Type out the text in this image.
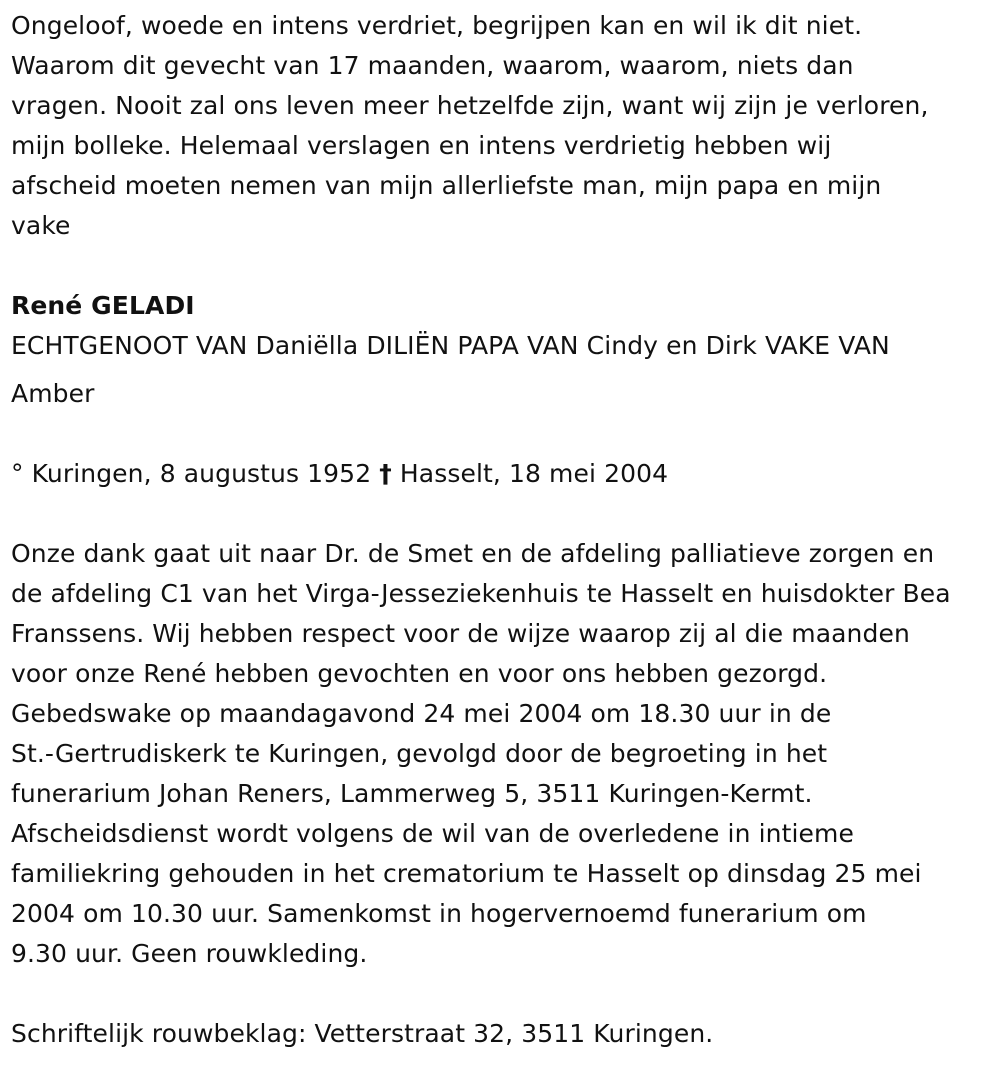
Ongeloof, woede en intens verdriet, begrijpen kan en wil ik dit niet.
Waarom dit gevecht van 17 maanden, waarom, waarom, niets dan
vragen. Nooit zal ons leven meer hetzelfde zijn, want wij zijn je verloren,
mijn bolleke. Helemaal verslagen en intens verdrietig hebben wij
afscheid moeten nemen van mijn allerliefste man, mijn papa en mijn
vake

René GELADI

ECHTGENOOT VAN Daniëlla DILIËN PAPA VAN Cindy en Dirk VAKE VAN
Amber

° Kuringen, 8 augustus 1952 † Hasselt, 18 mei 2004

Onze dank gaat uit naar Dr. de Smet en de afdeling palliatieve zorgen en
de afdeling C1 van het Virga-Jesseziekenhuis te Hasselt en huisdokter Bea
Franssens. Wij hebben respect voor de wijze waarop zij al die maanden
voor onze René hebben gevochten en voor ons hebben gezorgd.
Gebedswake op maandagavond 24 mei 2004 om 18.30 uur in de
St.-Gertrudiskerk te Kuringen, gevolgd door de begroeting in het
funerarium Johan Reners, Lammerweg 5, 3511 Kuringen-Kermt.
Afscheidsdienst wordt volgens de wil van de overledene in intieme
familiekring gehouden in het crematorium te Hasselt op dinsdag 25 mei
2004 om 10.30 uur. Samenkomst in hogervernoemd funerarium om
9.30 uur. Geen rouwkleding.

Schriftelijk rouwbeklag: Vetterstraat 32, 3511 Kuringen.
